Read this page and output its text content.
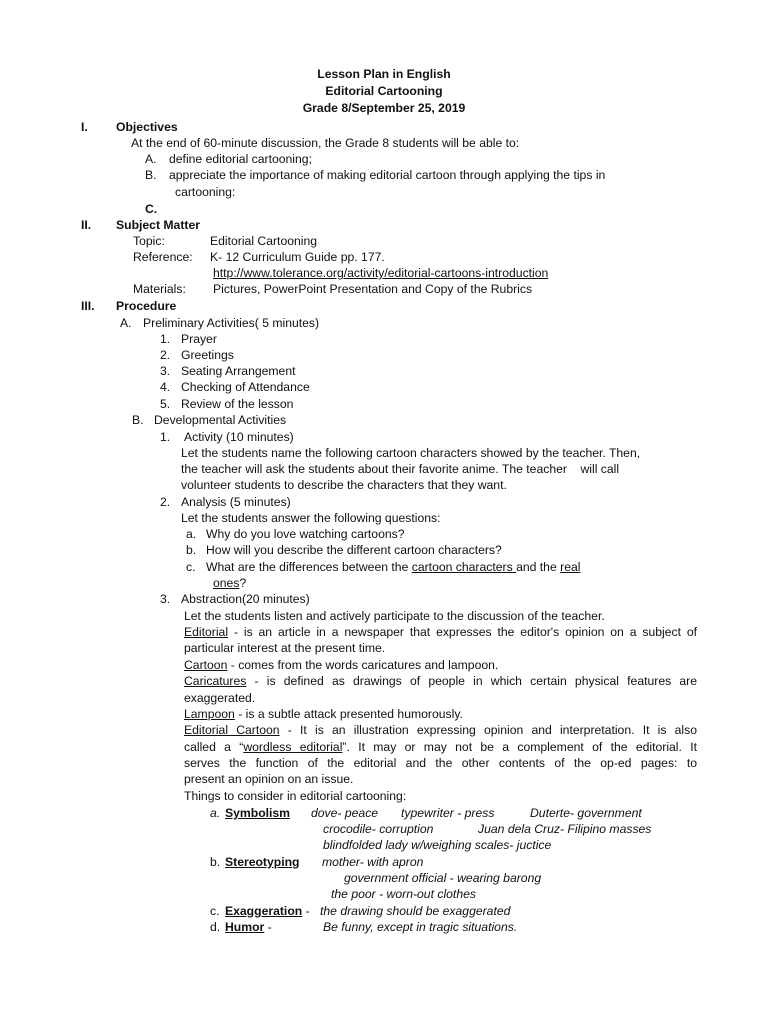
Lesson Plan in English
Editorial Cartooning
Grade 8/September 25, 2019
I. Objectives
At the end of 60-minute discussion, the Grade 8 students will be able to:
A. define editorial cartooning;
B. appreciate the importance of making editorial cartoon through applying the tips in
cartooning:
C.
II. Subject Matter
Topic:	Editorial Cartooning
Reference: K- 12 Curriculum Guide pp. 177.
http://www.tolerance.org/activity/editorial-cartoons-introduction
Materials: Pictures, PowerPoint Presentation and Copy of the Rubrics
III. Procedure
A. Preliminary Activities( 5 minutes)
1. Prayer
2. Greetings
3. Seating Arrangement
4. Checking of Attendance
5. Review of the lesson
B. Developmental Activities
1. Activity (10 minutes)
Let the students name the following cartoon characters showed by the teacher. Then,
the teacher will ask the students about their favorite anime. The teacher    will call
volunteer students to describe the characters that they want.
2. Analysis (5 minutes)
Let the students answer the following questions:
a. Why do you love watching cartoons?
b. How will you describe the different cartoon characters?
c. What are the differences between the cartoon characters and the real
ones?
3. Abstraction(20 minutes)
Let the students listen and actively participate to the discussion of the teacher.
Editorial - is an article in a newspaper that expresses the editor's opinion on a subject of
particular interest at the present time.
Cartoon - comes from the words caricatures and lampoon.
Caricatures - is defined as drawings of people in which certain physical features are
exaggerated.
Lampoon - is a subtle attack presented humorously.
Editorial Cartoon - It is an illustration expressing opinion and interpretation. It is also
called a “wordless editorial”. It may or may not be a complement of the editorial. It
serves the function of the editorial and the other contents of the op-ed pages: to
present an opinion on an issue.
Things to consider in editorial cartooning:
a. Symbolism dove- peace typewriter - press	Duterte- government
crocodile- corruption	Juan dela Cruz- Filipino masses
blindfolded lady w/weighing scales- juctice
b. Stereotyping mother- with apron
government official - wearing barong
the poor - worn-out clothes
c. Exaggeration - the drawing should be exaggerated
d. Humor -	Be funny, except in tragic situations.
